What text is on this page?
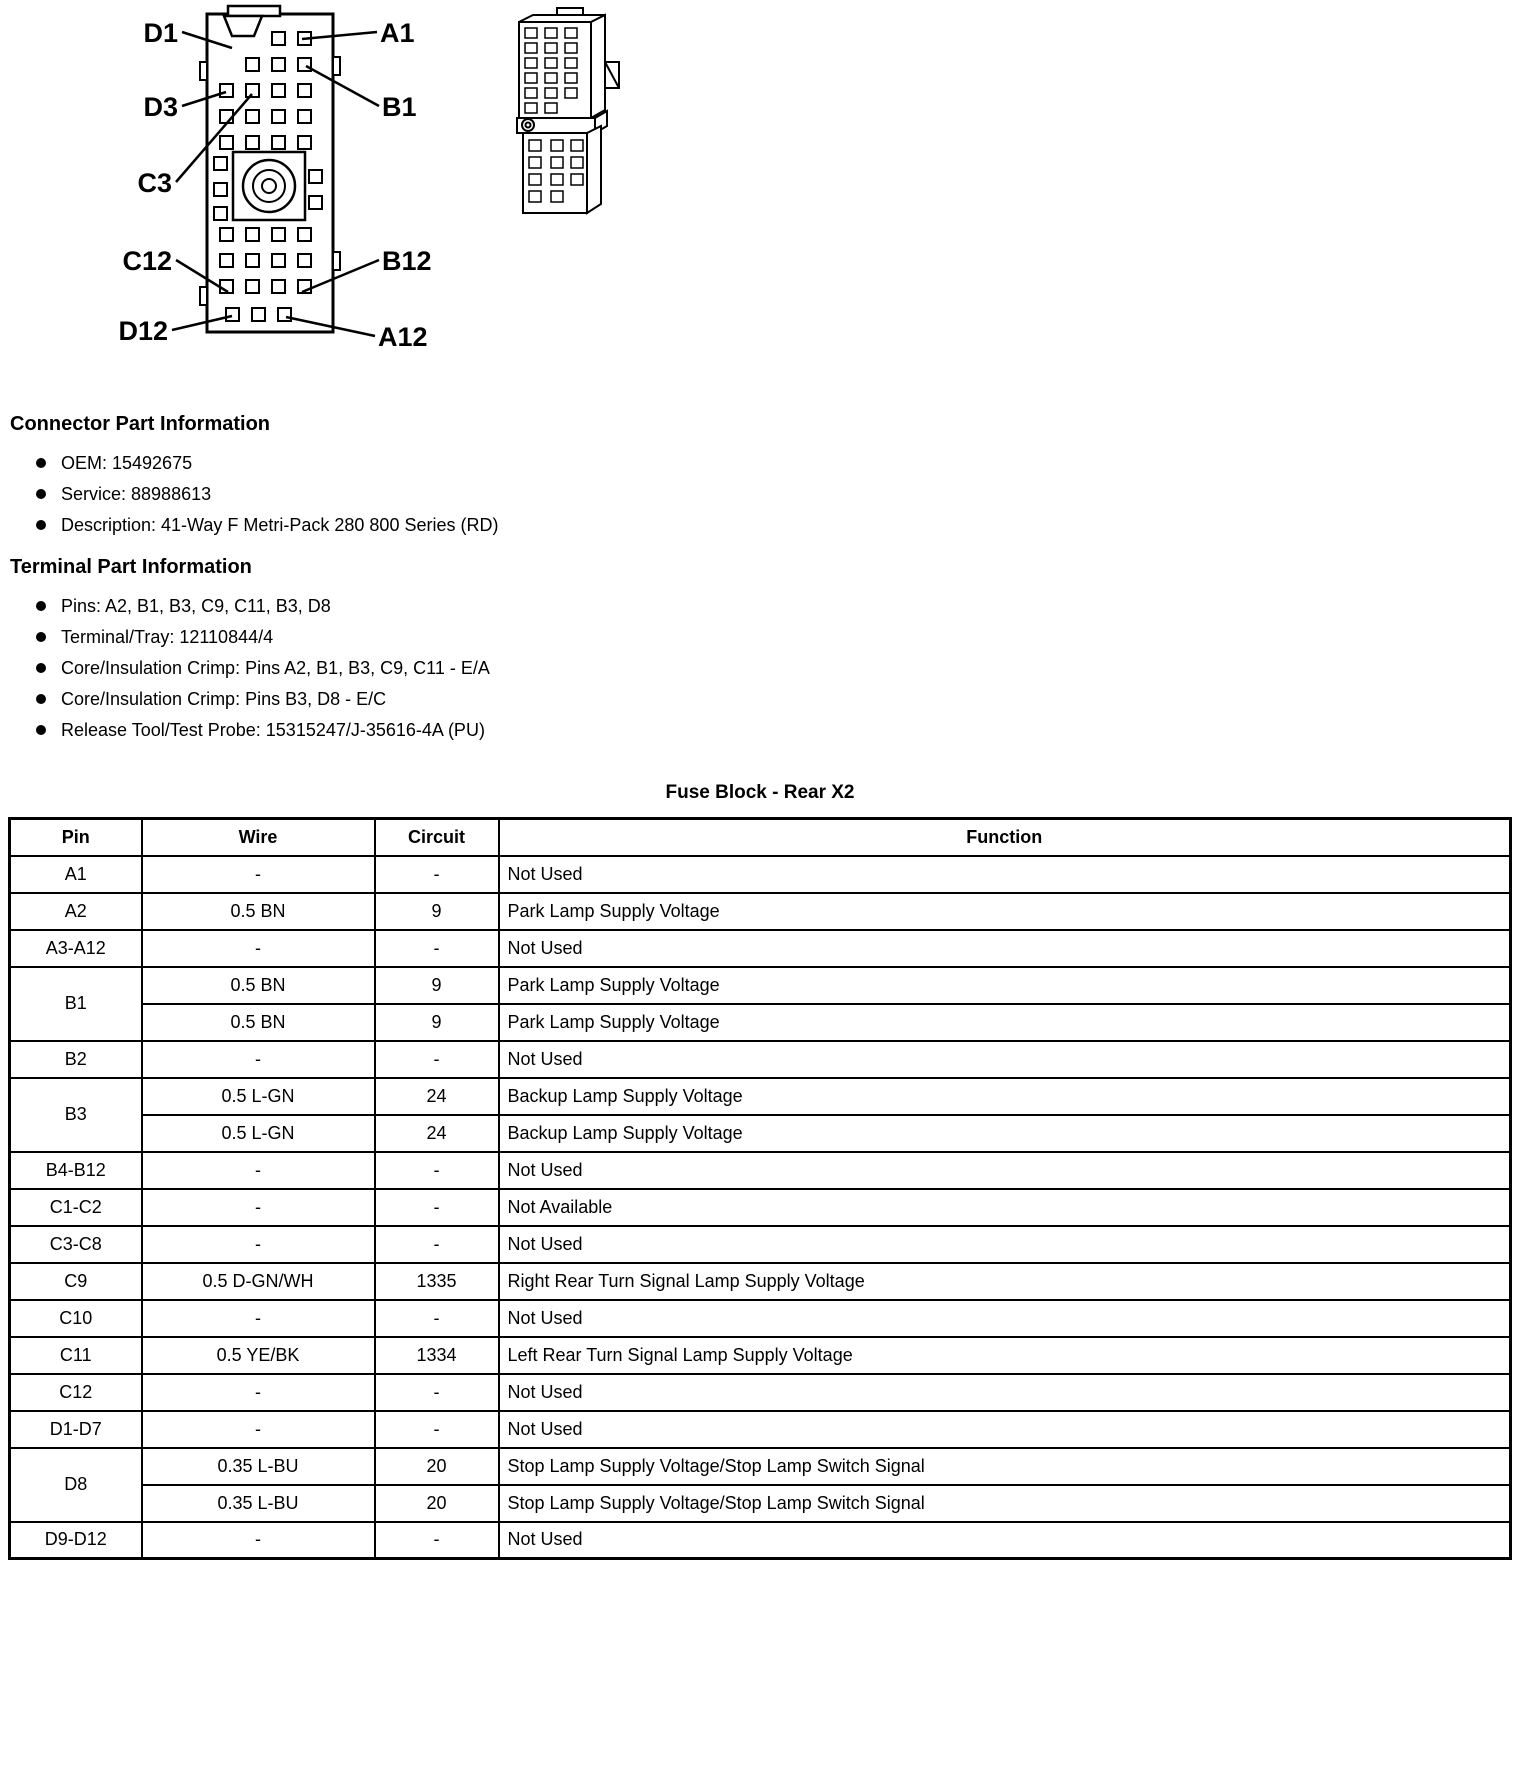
D1	A1
D3	B1
C3
C12	B12
D12	A12
Connector Part Information
OEM: 15492675
Service: 88988613
Description: 41-Way F Metri-Pack 280 800 Series (RD)
Terminal Part Information
Pins: A2, B1, B3, C9, C11, B3, D8
Terminal/Tray: 12110844/4
Core/Insulation Crimp: Pins A2, B1, B3, C9, C11 - E/A
Core/Insulation Crimp: Pins B3, D8 - E/C
Release Tool/Test Probe: 15315247/J-35616-4A (PU)
Fuse Block - Rear X2
Pin	Wire	Circuit	Function
A1	-	-	Not Used
A2	0.5 BN	9	Park Lamp Supply Voltage
A3-A12	-	-	Not Used
B1	0.5 BN	9	Park Lamp Supply Voltage
	0.5 BN	9	Park Lamp Supply Voltage
B2	-	-	Not Used
B3	0.5 L-GN	24	Backup Lamp Supply Voltage
	0.5 L-GN	24	Backup Lamp Supply Voltage
B4-B12	-	-	Not Used
C1-C2	-	-	Not Available
C3-C8	-	-	Not Used
C9	0.5 D-GN/WH	1335	Right Rear Turn Signal Lamp Supply Voltage
C10	-	-	Not Used
C11	0.5 YE/BK	1334	Left Rear Turn Signal Lamp Supply Voltage
C12	-	-	Not Used
D1-D7	-	-	Not Used
D8	0.35 L-BU	20	Stop Lamp Supply Voltage/Stop Lamp Switch Signal
	0.35 L-BU	20	Stop Lamp Supply Voltage/Stop Lamp Switch Signal
D9-D12	-	-	Not Used
